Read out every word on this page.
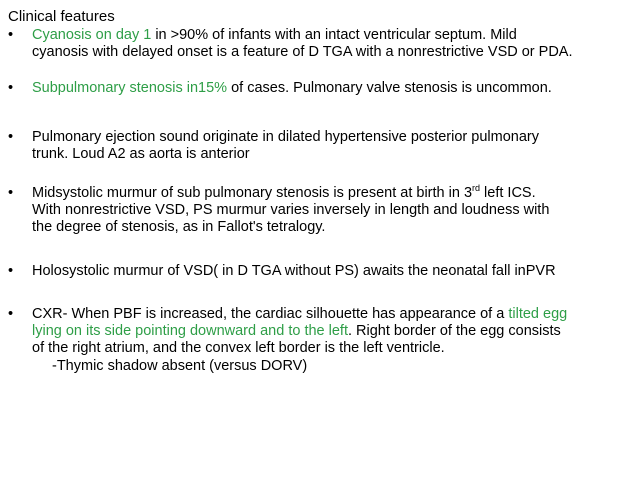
Clinical features
•	Cyanosis on day 1 in >90% of infants with an intact ventricular septum. Mild
cyanosis with delayed onset is a feature of D TGA with a nonrestrictive VSD or PDA.
•	Subpulmonary stenosis in15% of cases. Pulmonary valve stenosis is uncommon.
•	Pulmonary ejection sound originate in dilated hypertensive posterior pulmonary
trunk. Loud A2 as aorta is anterior
•	Midsystolic murmur of sub pulmonary stenosis is present at birth in 3rd left ICS.
With nonrestrictive VSD, PS murmur varies inversely in length and loudness with
the degree of stenosis, as in Fallot's tetralogy.
•	Holosystolic murmur of VSD( in D TGA without PS) awaits the neonatal fall inPVR
•	CXR- When PBF is increased, the cardiac silhouette has appearance of a tilted egg
lying on its side pointing downward and to the left. Right border of the egg consists
of the right atrium, and the convex left border is the left ventricle.
-Thymic shadow absent (versus DORV)
